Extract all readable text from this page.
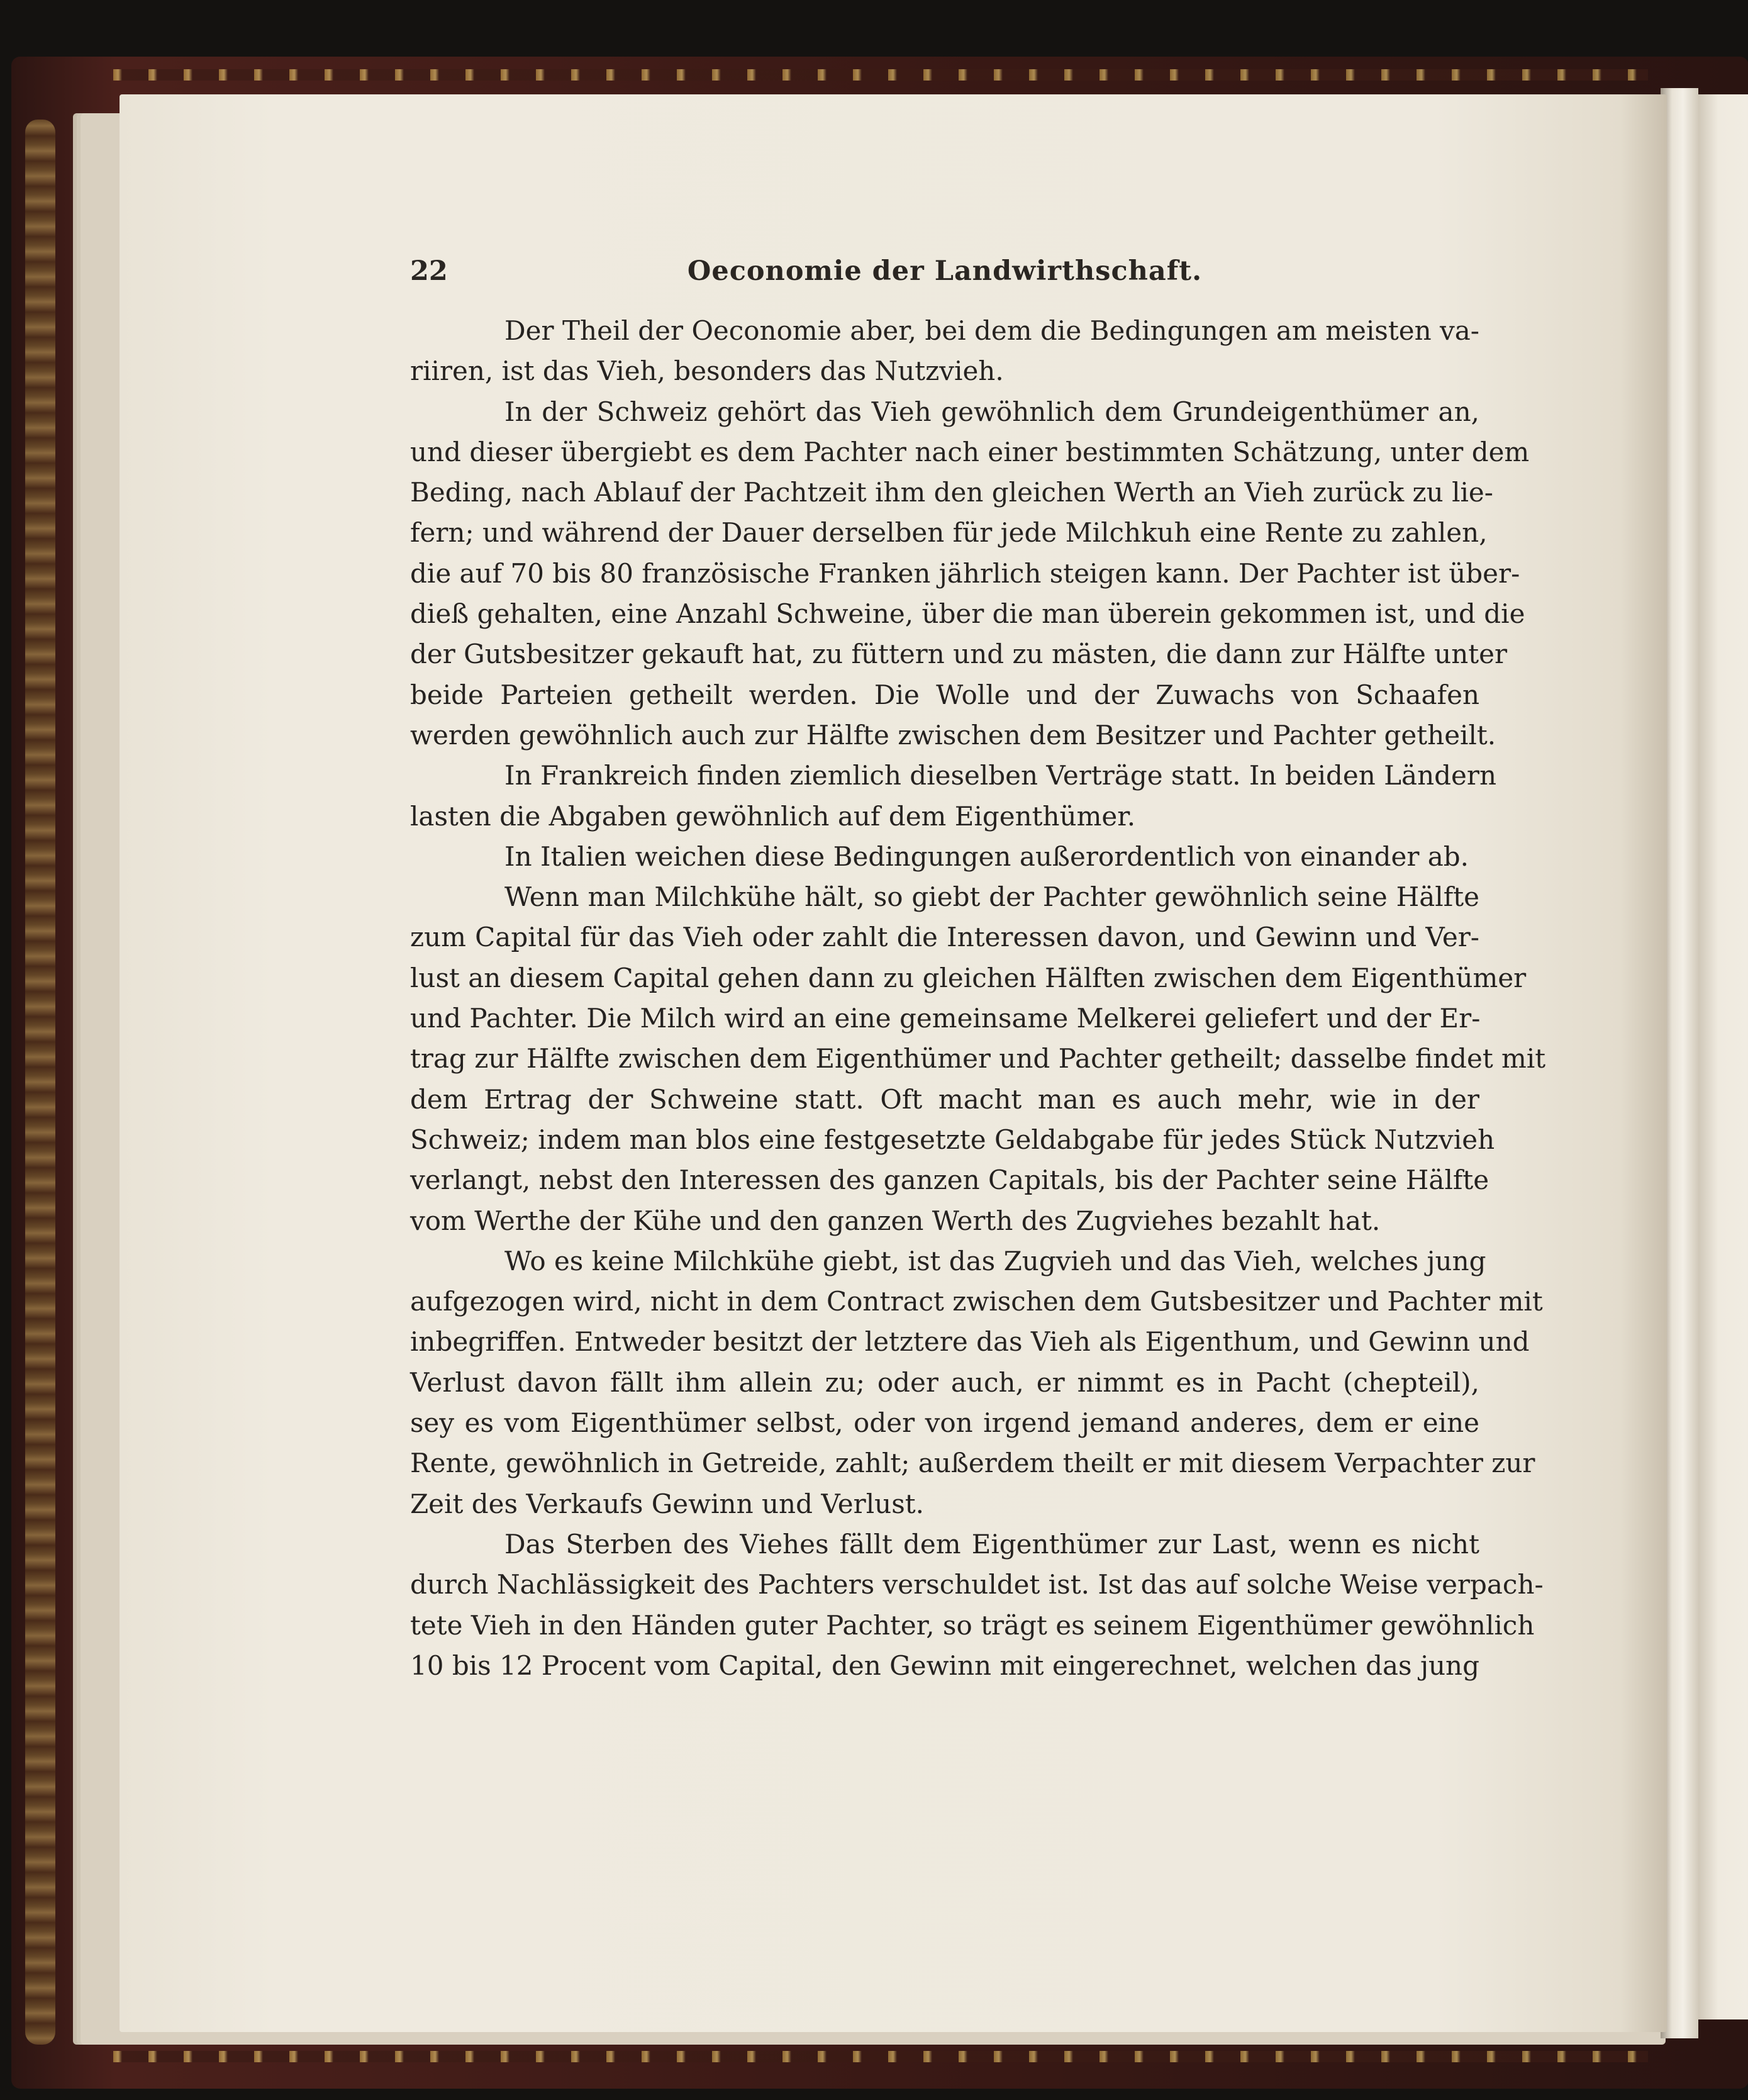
22	Oeconomie der Landwirthschaft.
Der Theil der Oeconomie aber, bei dem die Bedingungen am meisten va-
riiren, ist das Vieh, besonders das Nutzvieh.
In der Schweiz gehört das Vieh gewöhnlich dem Grundeigenthümer an,
und dieser übergiebt es dem Pachter nach einer bestimmten Schätzung, unter dem
Beding, nach Ablauf der Pachtzeit ihm den gleichen Werth an Vieh zurück zu lie-
fern; und während der Dauer derselben für jede Milchkuh eine Rente zu zahlen,
die auf 70 bis 80 französische Franken jährlich steigen kann. Der Pachter ist über-
dieß gehalten, eine Anzahl Schweine, über die man überein gekommen ist, und die
der Gutsbesitzer gekauft hat, zu füttern und zu mästen, die dann zur Hälfte unter
beide Parteien getheilt werden. Die Wolle und der Zuwachs von Schaafen
werden gewöhnlich auch zur Hälfte zwischen dem Besitzer und Pachter getheilt.
In Frankreich finden ziemlich dieselben Verträge statt. In beiden Ländern
lasten die Abgaben gewöhnlich auf dem Eigenthümer.
In Italien weichen diese Bedingungen außerordentlich von einander ab.
Wenn man Milchkühe hält, so giebt der Pachter gewöhnlich seine Hälfte
zum Capital für das Vieh oder zahlt die Interessen davon, und Gewinn und Ver-
lust an diesem Capital gehen dann zu gleichen Hälften zwischen dem Eigenthümer
und Pachter. Die Milch wird an eine gemeinsame Melkerei geliefert und der Er-
trag zur Hälfte zwischen dem Eigenthümer und Pachter getheilt; dasselbe findet mit
dem Ertrag der Schweine statt. Oft macht man es auch mehr, wie in der
Schweiz; indem man blos eine festgesetzte Geldabgabe für jedes Stück Nutzvieh
verlangt, nebst den Interessen des ganzen Capitals, bis der Pachter seine Hälfte
vom Werthe der Kühe und den ganzen Werth des Zugviehes bezahlt hat.
Wo es keine Milchkühe giebt, ist das Zugvieh und das Vieh, welches jung
aufgezogen wird, nicht in dem Contract zwischen dem Gutsbesitzer und Pachter mit
inbegriffen. Entweder besitzt der letztere das Vieh als Eigenthum, und Gewinn und
Verlust davon fällt ihm allein zu; oder auch, er nimmt es in Pacht (chepteil),
sey es vom Eigenthümer selbst, oder von irgend jemand anderes, dem er eine
Rente, gewöhnlich in Getreide, zahlt; außerdem theilt er mit diesem Verpachter zur
Zeit des Verkaufs Gewinn und Verlust.
Das Sterben des Viehes fällt dem Eigenthümer zur Last, wenn es nicht
durch Nachlässigkeit des Pachters verschuldet ist. Ist das auf solche Weise verpach-
tete Vieh in den Händen guter Pachter, so trägt es seinem Eigenthümer gewöhnlich
10 bis 12 Procent vom Capital, den Gewinn mit eingerechnet, welchen das jung
